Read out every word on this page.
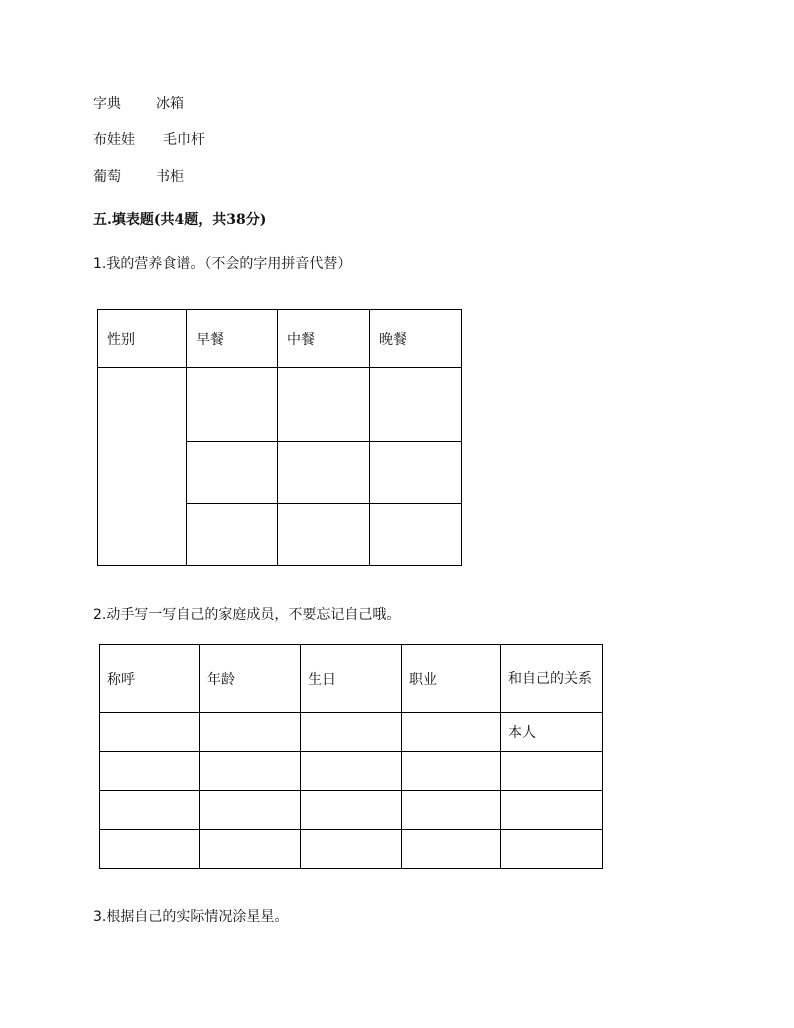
字典	冰箱
布娃娃 毛巾杆
葡萄	书柜
五.填表题(共4题，共38分)
1.我的营养食谱。（不会的字用拼音代替）
性别	早餐	中餐	晚餐

2.动手写一写自己的家庭成员，不要忘记自己哦。
称呼	年龄	生日	职业	和自己的关系
				本人

3.根据自己的实际情况涂星星。
